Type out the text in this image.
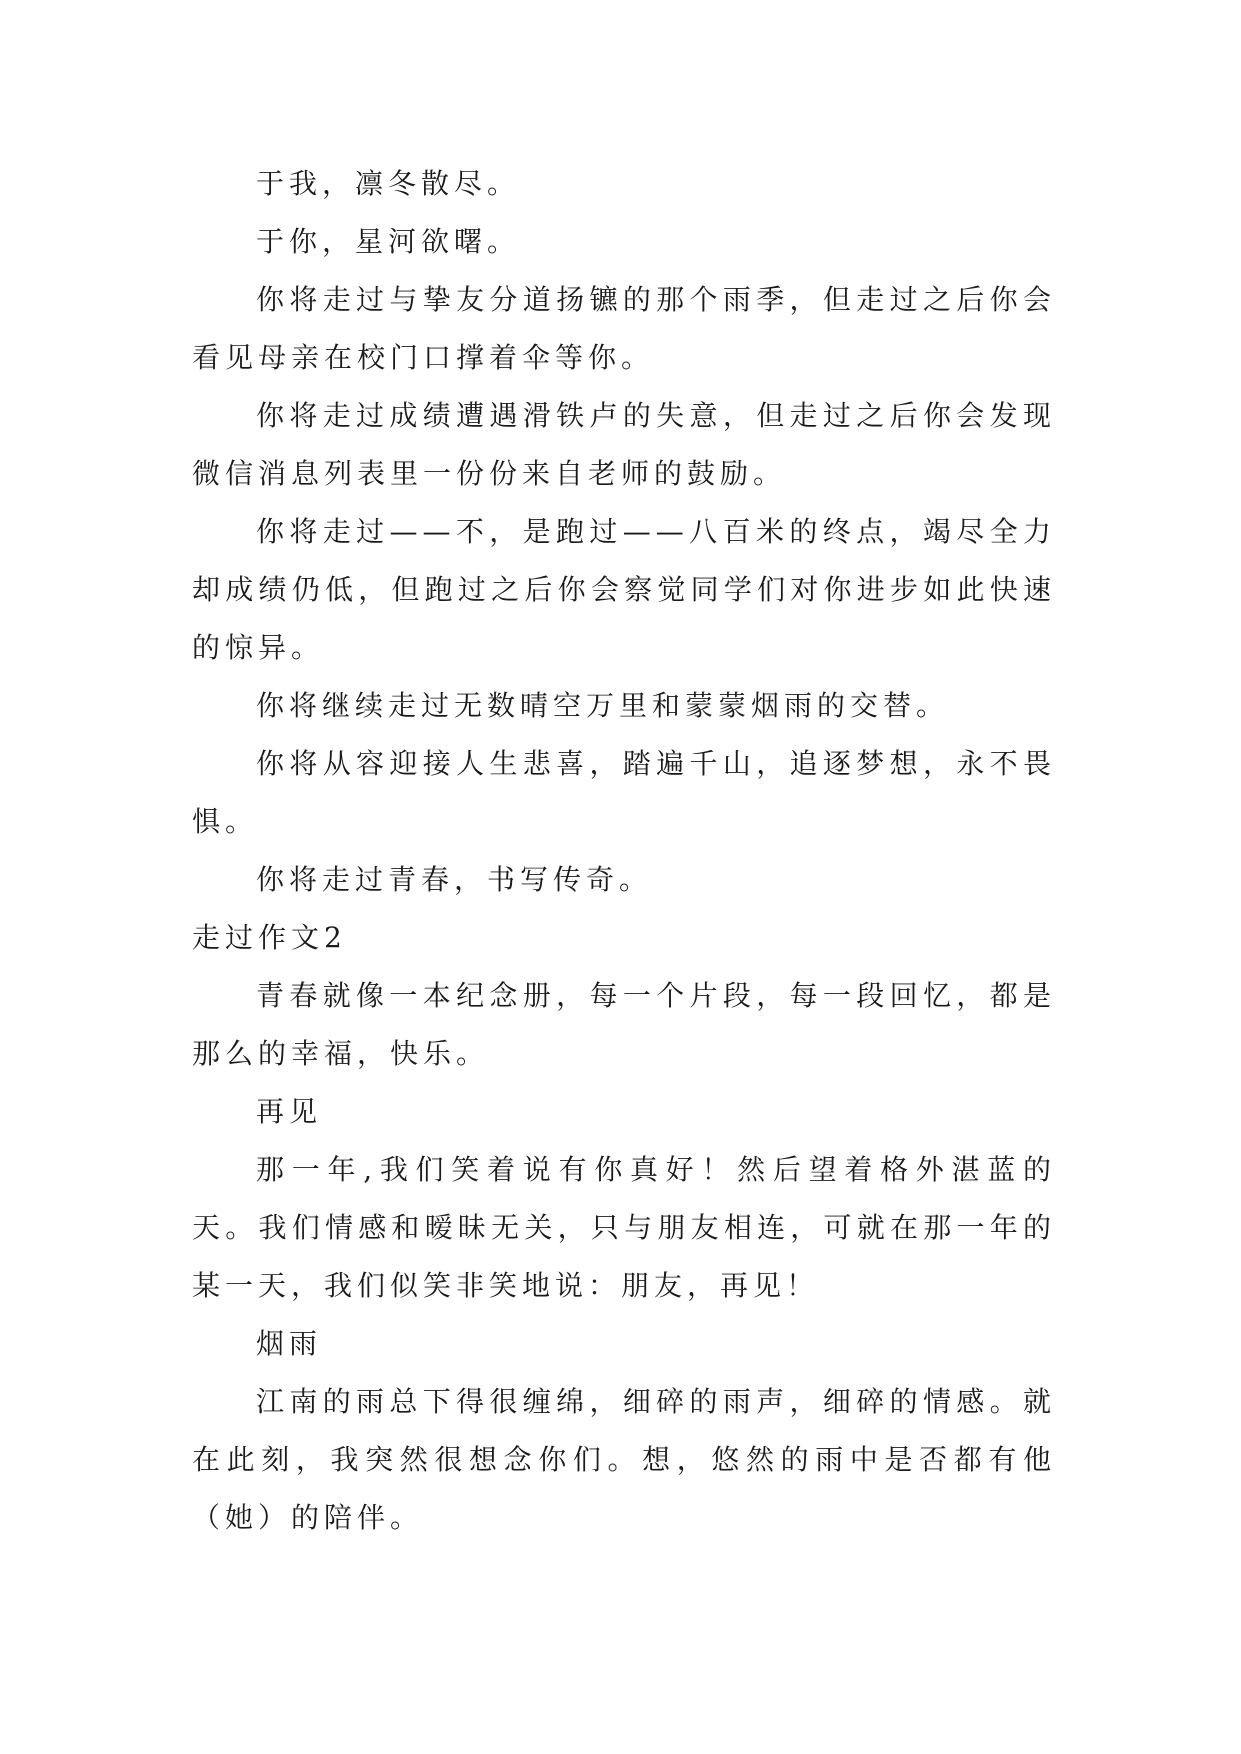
于我，凛冬散尽。

于你，星河欲曙。

你将走过与挚友分道扬镳的那个雨季，但走过之后你会看见母亲在校门口撑着伞等你。

你将走过成绩遭遇滑铁卢的失意，但走过之后你会发现微信消息列表里一份份来自老师的鼓励。

你将走过——不，是跑过——八百米的终点，竭尽全力却成绩仍低，但跑过之后你会察觉同学们对你进步如此快速的惊异。

你将继续走过无数晴空万里和蒙蒙烟雨的交替。

你将从容迎接人生悲喜，踏遍千山，追逐梦想，永不畏惧。

你将走过青春，书写传奇。

走过作文2

青春就像一本纪念册，每一个片段，每一段回忆，都是那么的幸福，快乐。

再见

那一年,我们笑着说有你真好！然后望着格外湛蓝的天。我们情感和暧昧无关，只与朋友相连，可就在那一年的某一天，我们似笑非笑地说：朋友，再见！

烟雨

江南的雨总下得很缠绵，细碎的雨声，细碎的情感。就在此刻，我突然很想念你们。想，悠然的雨中是否都有他（她）的陪伴。
